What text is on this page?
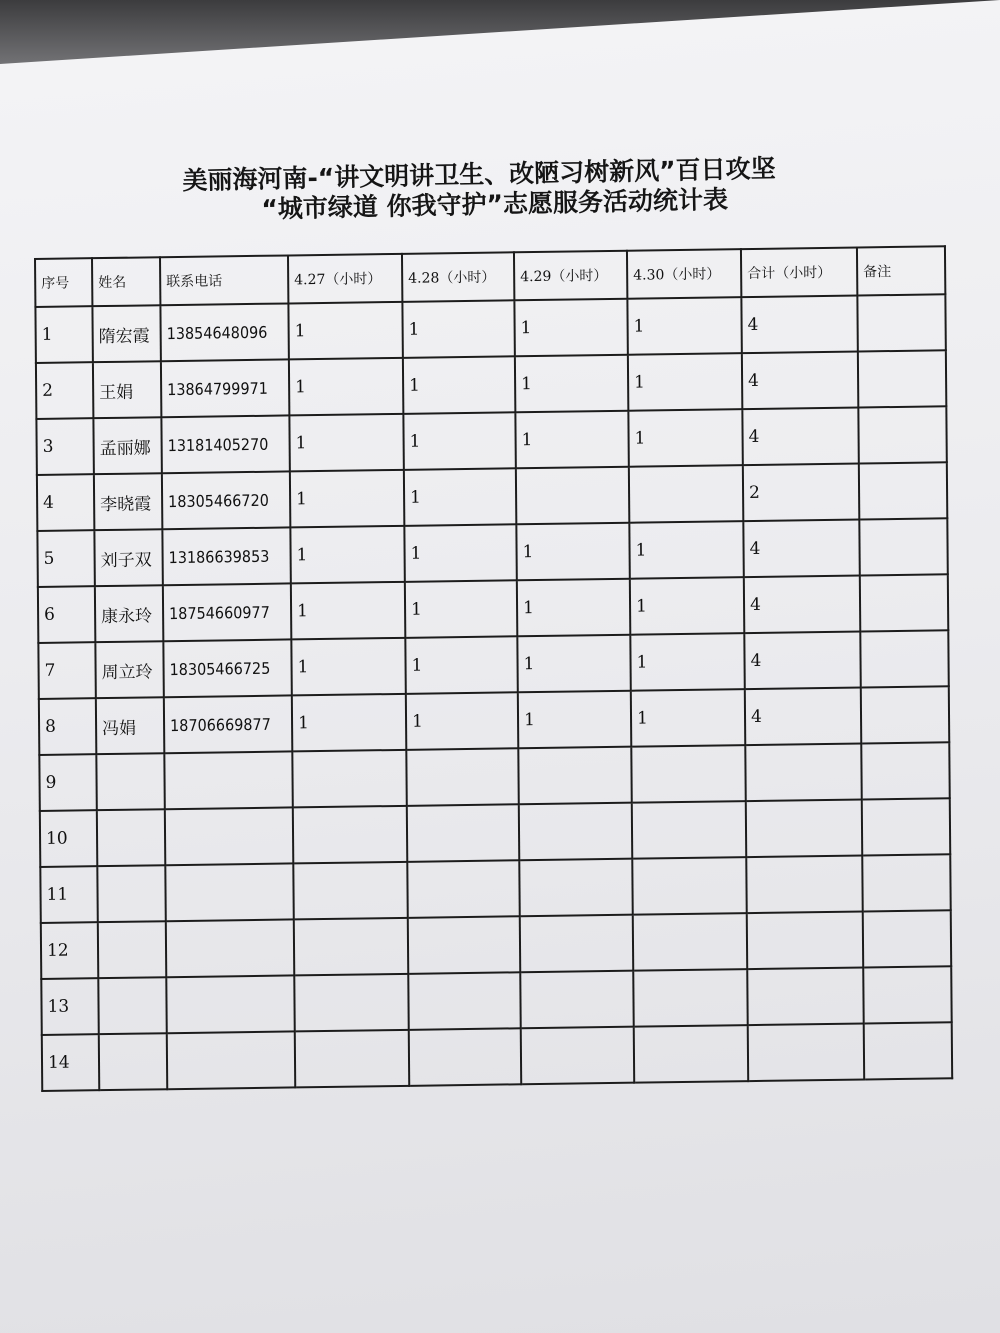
美丽海河南-“讲文明讲卫生、改陋习树新风”百日攻坚
“城市绿道 你我守护”志愿服务活动统计表
序号	姓名	联系电话	4.27（小时）	4.28（小时）	4.29（小时）	4.30（小时）	合计（小时）	备注
1	隋宏霞	13854648096	1	1	1	1	4	
2	王娟	13864799971	1	1	1	1	4	
3	孟丽娜	13181405270	1	1	1	1	4	
4	李晓霞	18305466720	1	1			2	
5	刘子双	13186639853	1	1	1	1	4	
6	康永玲	18754660977	1	1	1	1	4	
7	周立玲	18305466725	1	1	1	1	4	
8	冯娟	18706669877	1	1	1	1	4	
9								
10								
11								
12								
13								
14								
